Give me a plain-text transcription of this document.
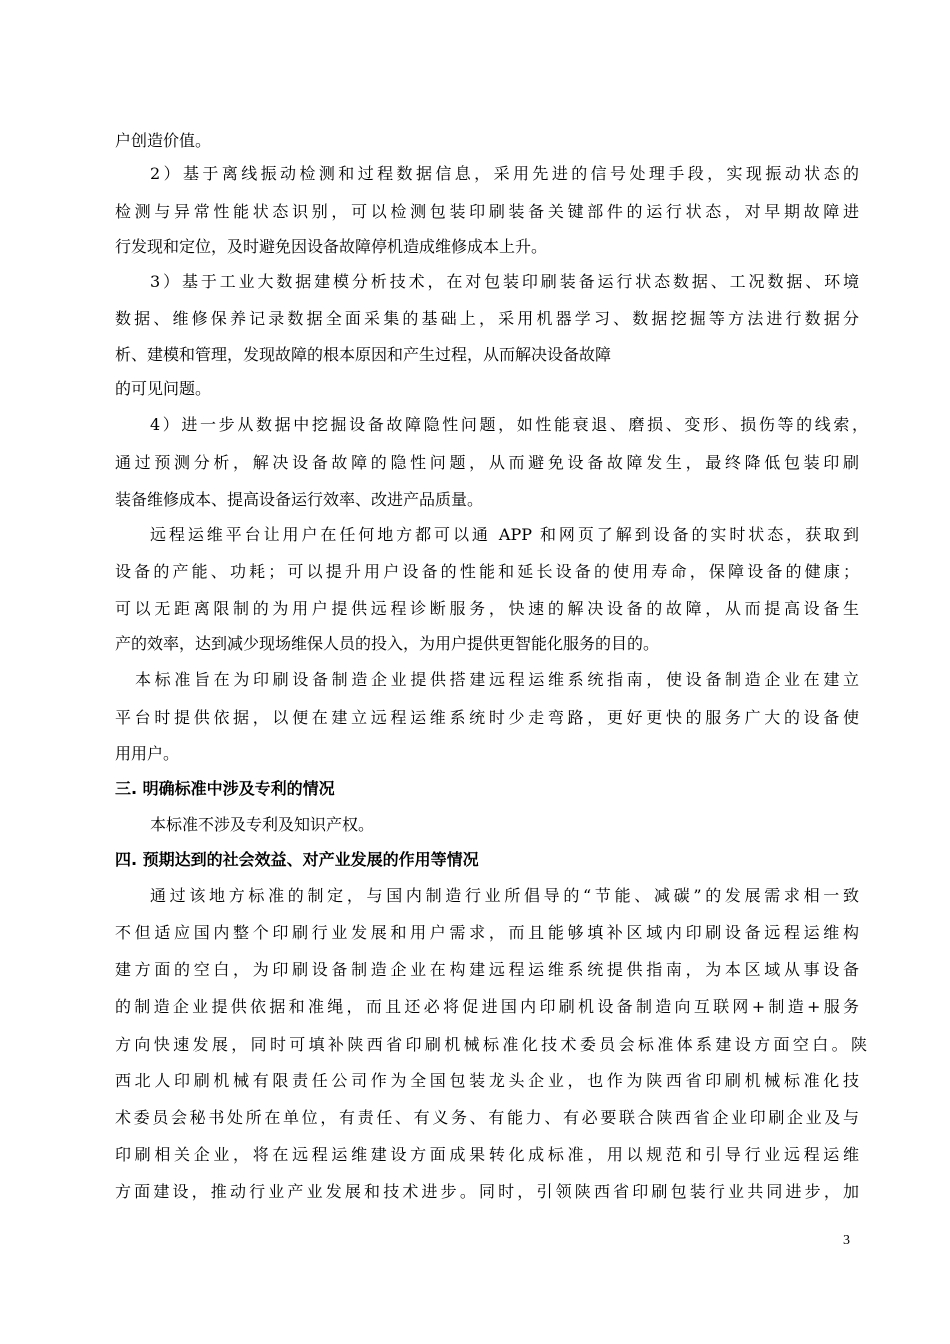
户创造价值。

2）基于离线振动检测和过程数据信息，采用先进的信号处理手段，实现振动状态的

检测与异常性能状态识别，可以检测包装印刷装备关键部件的运行状态，对早期故障进

行发现和定位，及时避免因设备故障停机造成维修成本上升。

3）基于工业大数据建模分析技术，在对包装印刷装备运行状态数据、工况数据、环境

数据、维修保养记录数据全面采集的基础上，采用机器学习、数据挖掘等方法进行数据分

析、建模和管理，发现故障的根本原因和产生过程，从而解决设备故障

的可见问题。

4）进一步从数据中挖掘设备故障隐性问题，如性能衰退、磨损、变形、损伤等的线索，

通过预测分析，解决设备故障的隐性问题，从而避免设备故障发生，最终降低包装印刷

装备维修成本、提高设备运行效率、改进产品质量。

远程运维平台让用户在任何地方都可以通 APP 和网页了解到设备的实时状态，获取到

设备的产能、功耗；可以提升用户设备的性能和延长设备的使用寿命，保障设备的健康；

可以无距离限制的为用户提供远程诊断服务，快速的解决设备的故障，从而提高设备生

产的效率，达到减少现场维保人员的投入，为用户提供更智能化服务的目的。

本标准旨在为印刷设备制造企业提供搭建远程运维系统指南，使设备制造企业在建立

平台时提供依据，以便在建立远程运维系统时少走弯路，更好更快的服务广大的设备使

用用户。

三. 明确标准中涉及专利的情况

本标准不涉及专利及知识产权。

四. 预期达到的社会效益、对产业发展的作用等情况

通过该地方标准的制定，与国内制造行业所倡导的“节能、减碳”的发展需求相一致

不但适应国内整个印刷行业发展和用户需求，而且能够填补区域内印刷设备远程运维构

建方面的空白，为印刷设备制造企业在构建远程运维系统提供指南，为本区域从事设备

的制造企业提供依据和准绳，而且还必将促进国内印刷机设备制造向互联网+制造+服务

方向快速发展，同时可填补陕西省印刷机械标准化技术委员会标准体系建设方面空白。陕

西北人印刷机械有限责任公司作为全国包装龙头企业，也作为陕西省印刷机械标准化技

术委员会秘书处所在单位，有责任、有义务、有能力、有必要联合陕西省企业印刷企业及与

印刷相关企业，将在远程运维建设方面成果转化成标准，用以规范和引导行业远程运维

方面建设，推动行业产业发展和技术进步。同时，引领陕西省印刷包装行业共同进步，加

3
